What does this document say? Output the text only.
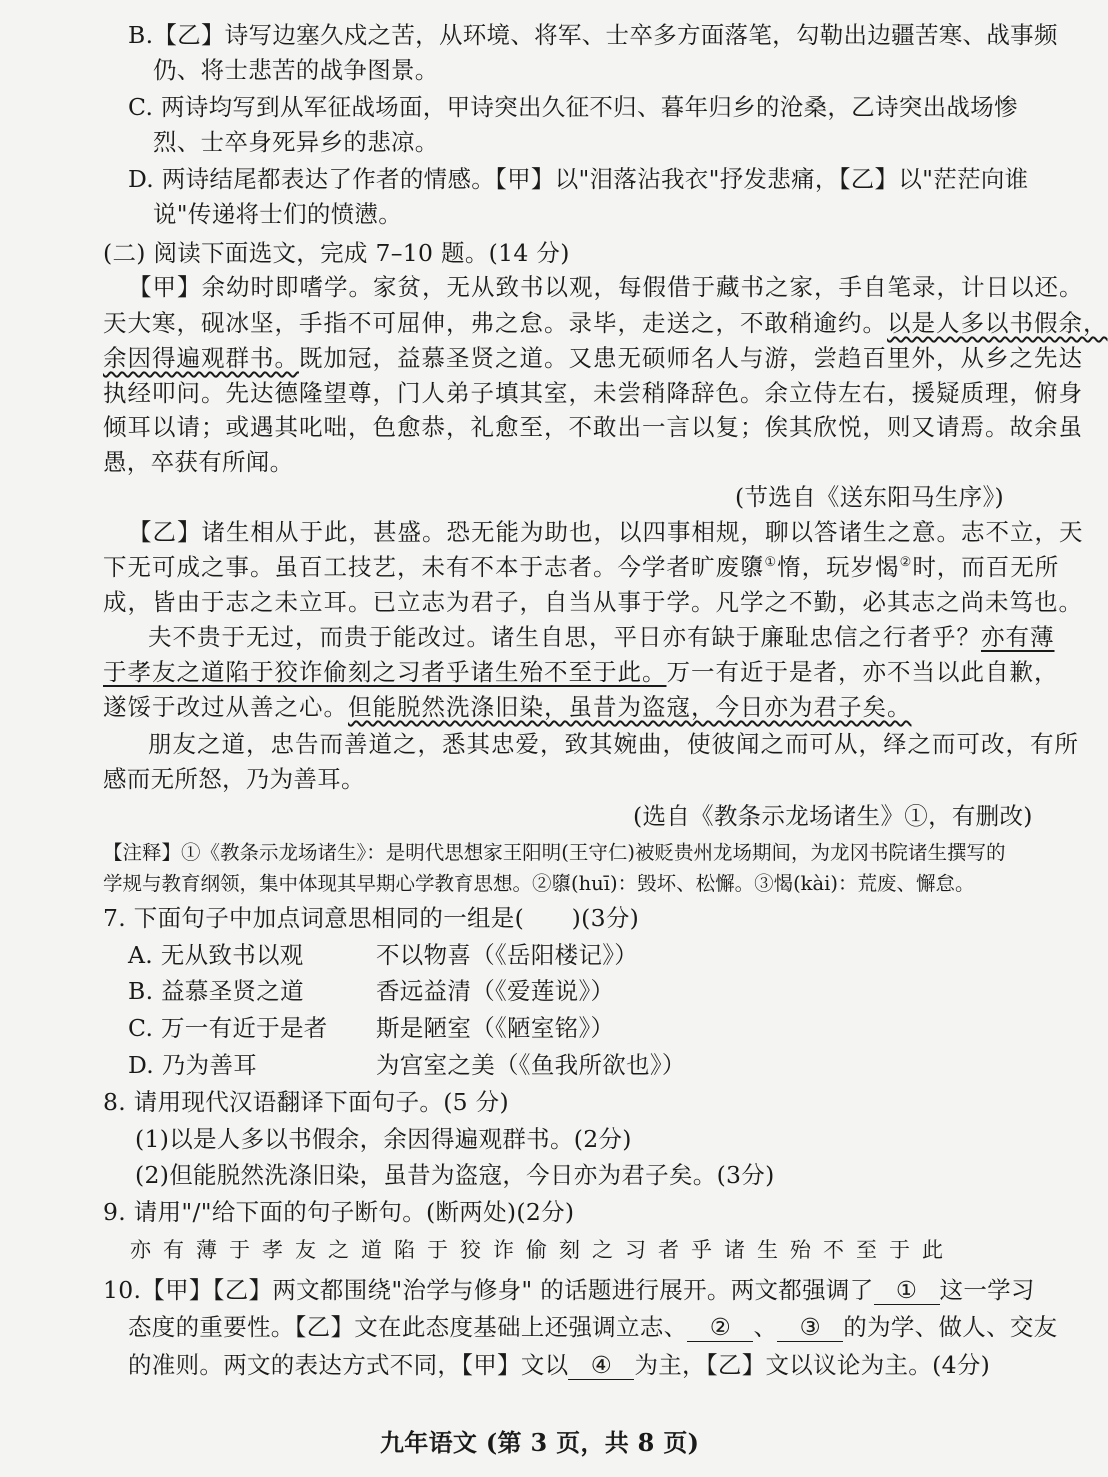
B.【乙】诗写边塞久戍之苦，从环境、将军、士卒多方面落笔，勾勒出边疆苦寒、战事频
仍、将士悲苦的战争图景。
C. 两诗均写到从军征战场面，甲诗突出久征不归、暮年归乡的沧桑，乙诗突出战场惨
烈、士卒身死异乡的悲凉。
D. 两诗结尾都表达了作者的情感。【甲】以"泪落沾我衣"抒发悲痛，【乙】以"茫茫向谁
说"传递将士们的愤懑。
(二) 阅读下面选文，完成 7–10 题。(14 分)
【甲】余幼时即嗜学。家贫，无从致书以观，每假借于藏书之家，手自笔录，计日以还。
天大寒，砚冰坚，手指不可屈伸，弗之怠。录毕，走送之，不敢稍逾约。以是人多以书假余，
余因得遍观群书。既加冠，益慕圣贤之道。又患无硕师名人与游，尝趋百里外，从乡之先达
执经叩问。先达德隆望尊，门人弟子填其室，未尝稍降辞色。余立侍左右，援疑质理，俯身
倾耳以请；或遇其叱咄，色愈恭，礼愈至，不敢出一言以复；俟其欣悦，则又请焉。故余虽
愚，卒获有所闻。
(节选自《送东阳马生序》)
【乙】诸生相从于此，甚盛。恐无能为助也，以四事相规，聊以答诸生之意。志不立，天
下无可成之事。虽百工技艺，未有不本于志者。今学者旷废隳①惰，玩岁愒②时，而百无所
成，皆由于志之未立耳。已立志为君子，自当从事于学。凡学之不勤，必其志之尚未笃也。
夫不贵于无过，而贵于能改过。诸生自思，平日亦有缺于廉耻忠信之行者乎？亦有薄
于孝友之道陷于狡诈偷刻之习者乎诸生殆不至于此。万一有近于是者，亦不当以此自歉，
遂馁于改过从善之心。但能脱然洗涤旧染，虽昔为盗寇，今日亦为君子矣。
朋友之道，忠告而善道之，悉其忠爱，致其婉曲，使彼闻之而可从，绎之而可改，有所
感而无所怒，乃为善耳。
(选自《教条示龙场诸生》①，有删改)
【注释】①《教条示龙场诸生》：是明代思想家王阳明(王守仁)被贬贵州龙场期间，为龙冈书院诸生撰写的
学规与教育纲领，集中体现其早期心学教育思想。②隳(huī)：毁坏、松懈。③愒(kài)：荒废、懈怠。
7. 下面句子中加点词意思相同的一组是(　　)(3分)
A. 无从致书以观	不以物喜（《岳阳楼记》）
B. 益慕圣贤之道	香远益清（《爱莲说》）
C. 万一有近于是者 斯是陋室（《陋室铭》）
D. 乃为善耳	为宫室之美（《鱼我所欲也》）
8. 请用现代汉语翻译下面句子。(5 分)
(1)以是人多以书假余，余因得遍观群书。(2分)
(2)但能脱然洗涤旧染，虽昔为盗寇，今日亦为君子矣。(3分)
9. 请用"/"给下面的句子断句。(断两处)(2分)
亦有薄于孝友之道陷于狡诈偷刻之习者乎诸生殆不至于此
10.【甲】【乙】两文都围绕"治学与修身" 的话题进行展开。两文都强调了 ① 这一学习
态度的重要性。【乙】文在此态度基础上还强调立志、 ② 、 ③ 的为学、做人、交友
的准则。两文的表达方式不同，【甲】文以 ④ 为主，【乙】文以议论为主。(4分)
九年语文 (第 3 页，共 8 页)
